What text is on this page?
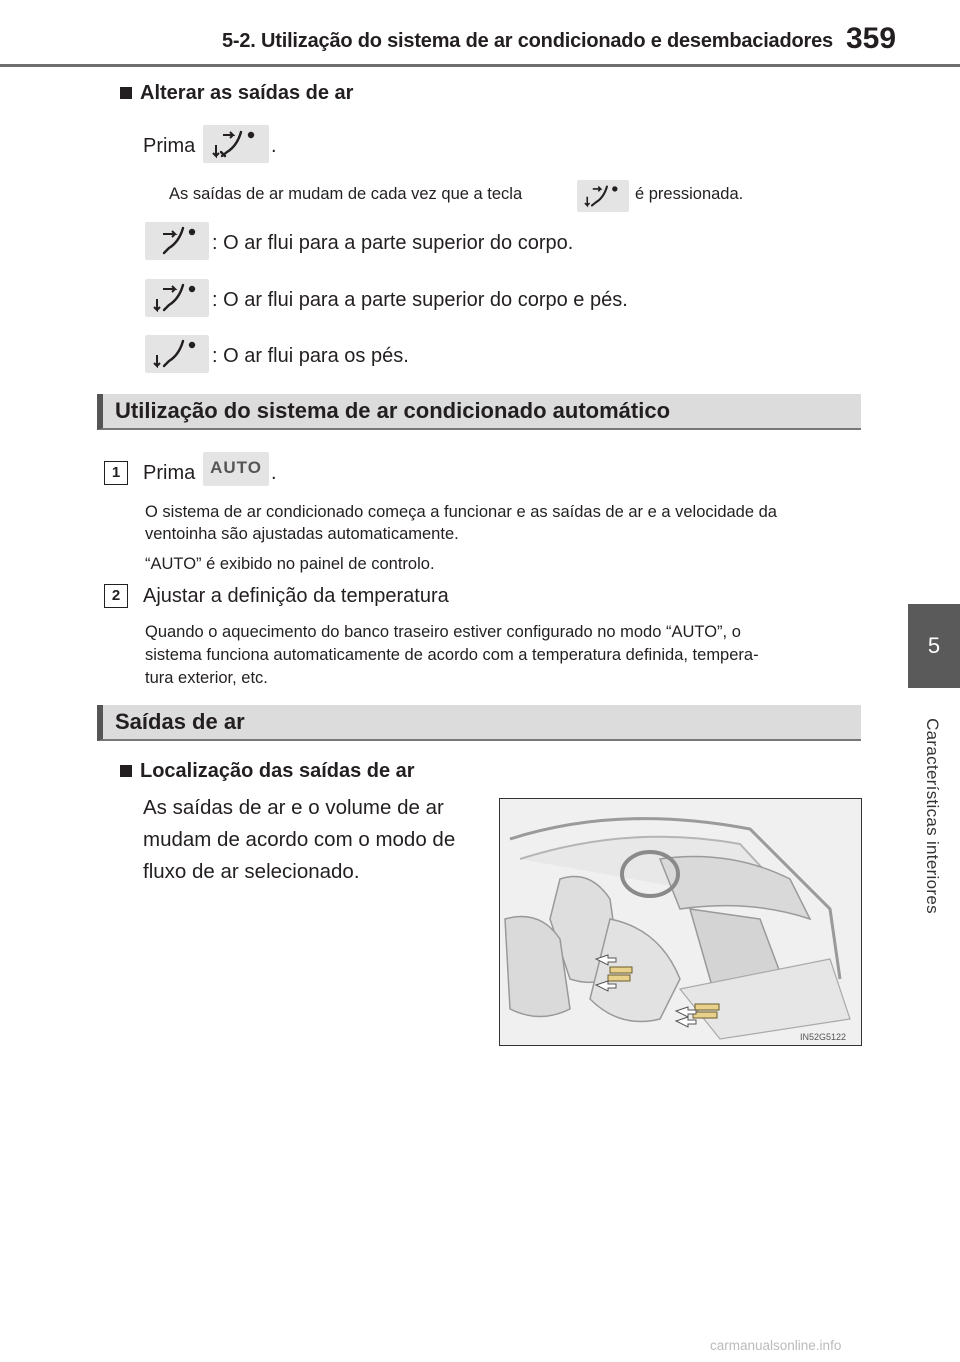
5-2. Utilização do sistema de ar condicionado e desembaciadores 359
5
Características interiores
Alterar as saídas de ar
Prima	.
As saídas de ar mudam de cada vez que a tecla	é pressionada.
: O ar flui para a parte superior do corpo.
: O ar flui para a parte superior do corpo e pés.
: O ar flui para os pés.
Utilização do sistema de ar condicionado automático
1	Prima AUTO .
O sistema de ar condicionado começa a funcionar e as saídas de ar e a velocidade da
ventoinha são ajustadas automaticamente.
“AUTO” é exibido no painel de controlo.
2	Ajustar a definição da temperatura
Quando o aquecimento do banco traseiro estiver configurado no modo “AUTO”, o
sistema funciona automaticamente de acordo com a temperatura definida, tempera-
tura exterior, etc.
Saídas de ar
Localização das saídas de ar
As saídas de ar e o volume de ar
mudam de acordo com o modo de
fluxo de ar selecionado.
IN52G5122
carmanualsonline.info
